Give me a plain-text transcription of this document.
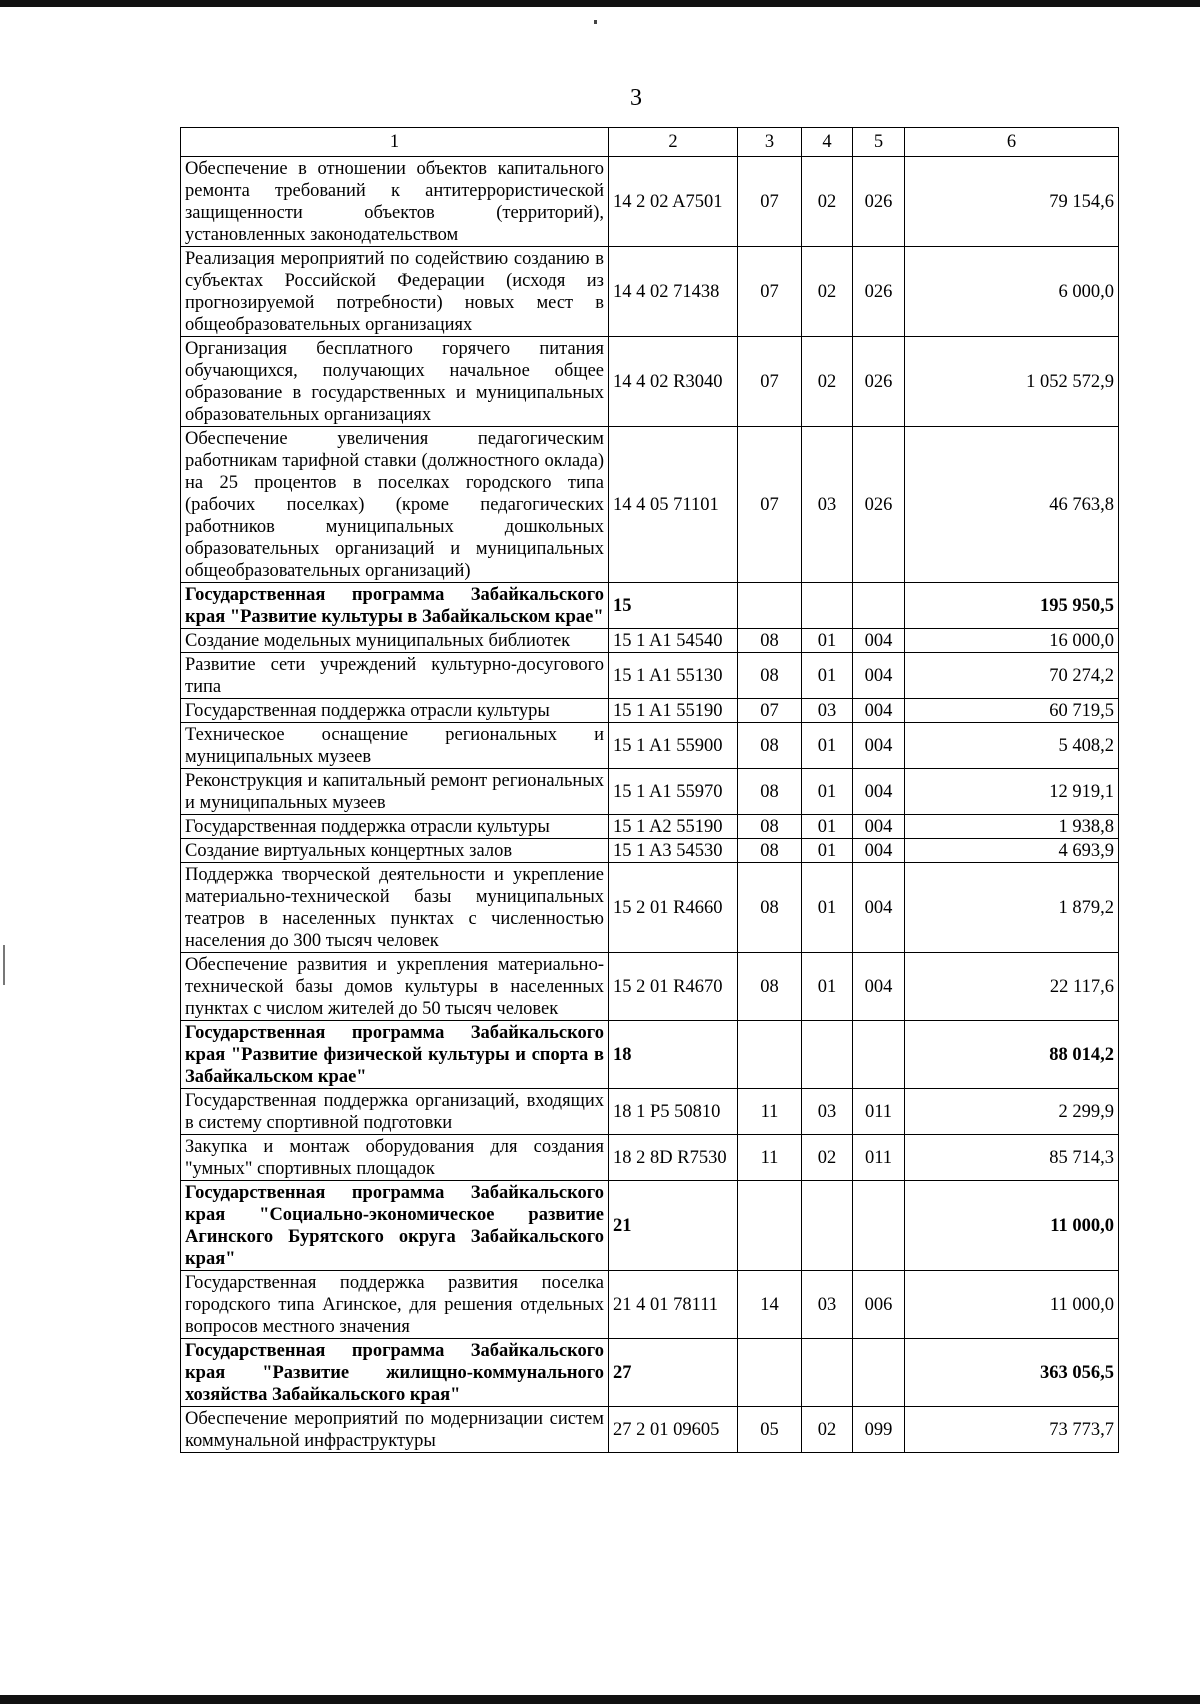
3
1	2	3	4	5	6
Обеспечение в отношении объектов капитального ремонта требований к антитеррористической защищенности объектов (территорий), установленных законодательством	14 2 02 A7501	07	02	026	79 154,6
Реализация мероприятий по содействию созданию в субъектах Российской Федерации (исходя из прогнозируемой потребности) новых мест в общеобразовательных организациях	14 4 02 71438	07	02	026	6 000,0
Организация бесплатного горячего питания обучающихся, получающих начальное общее образование в государственных и муниципальных образовательных организациях	14 4 02 R3040	07	02	026	1 052 572,9
Обеспечение увеличения педагогическим работникам тарифной ставки (должностного оклада) на 25 процентов в поселках городского типа (рабочих поселках) (кроме педагогических работников муниципальных дошкольных образовательных организаций и муниципальных общеобразовательных организаций)	14 4 05 71101	07	03	026	46 763,8
Государственная программа Забайкальского края "Развитие культуры в Забайкальском крае"	15				195 950,5
Создание модельных муниципальных библиотек	15 1 A1 54540	08	01	004	16 000,0
Развитие сети учреждений культурно-досугового типа	15 1 A1 55130	08	01	004	70 274,2
Государственная поддержка отрасли культуры	15 1 A1 55190	07	03	004	60 719,5
Техническое оснащение региональных и муниципальных музеев	15 1 A1 55900	08	01	004	5 408,2
Реконструкция и капитальный ремонт региональных и муниципальных музеев	15 1 A1 55970	08	01	004	12 919,1
Государственная поддержка отрасли культуры	15 1 A2 55190	08	01	004	1 938,8
Создание виртуальных концертных залов	15 1 A3 54530	08	01	004	4 693,9
Поддержка творческой деятельности и укрепление материально-технической базы муниципальных театров в населенных пунктах с численностью населения до 300 тысяч человек	15 2 01 R4660	08	01	004	1 879,2
Обеспечение развития и укрепления материально-технической базы домов культуры в населенных пунктах с числом жителей до 50 тысяч человек	15 2 01 R4670	08	01	004	22 117,6
Государственная программа Забайкальского края "Развитие физической культуры и спорта в Забайкальском крае"	18				88 014,2
Государственная поддержка организаций, входящих в систему спортивной подготовки	18 1 P5 50810	11	03	011	2 299,9
Закупка и монтаж оборудования для создания "умных" спортивных площадок	18 2 8D R7530	11	02	011	85 714,3
Государственная программа Забайкальского края "Социально-экономическое развитие Агинского Бурятского округа Забайкальского края"	21				11 000,0
Государственная поддержка развития поселка городского типа Агинское, для решения отдельных вопросов местного значения	21 4 01 78111	14	03	006	11 000,0
Государственная программа Забайкальского края "Развитие жилищно-коммунального хозяйства Забайкальского края"	27				363 056,5
Обеспечение мероприятий по модернизации систем коммунальной инфраструктуры	27 2 01 09605	05	02	099	73 773,7
